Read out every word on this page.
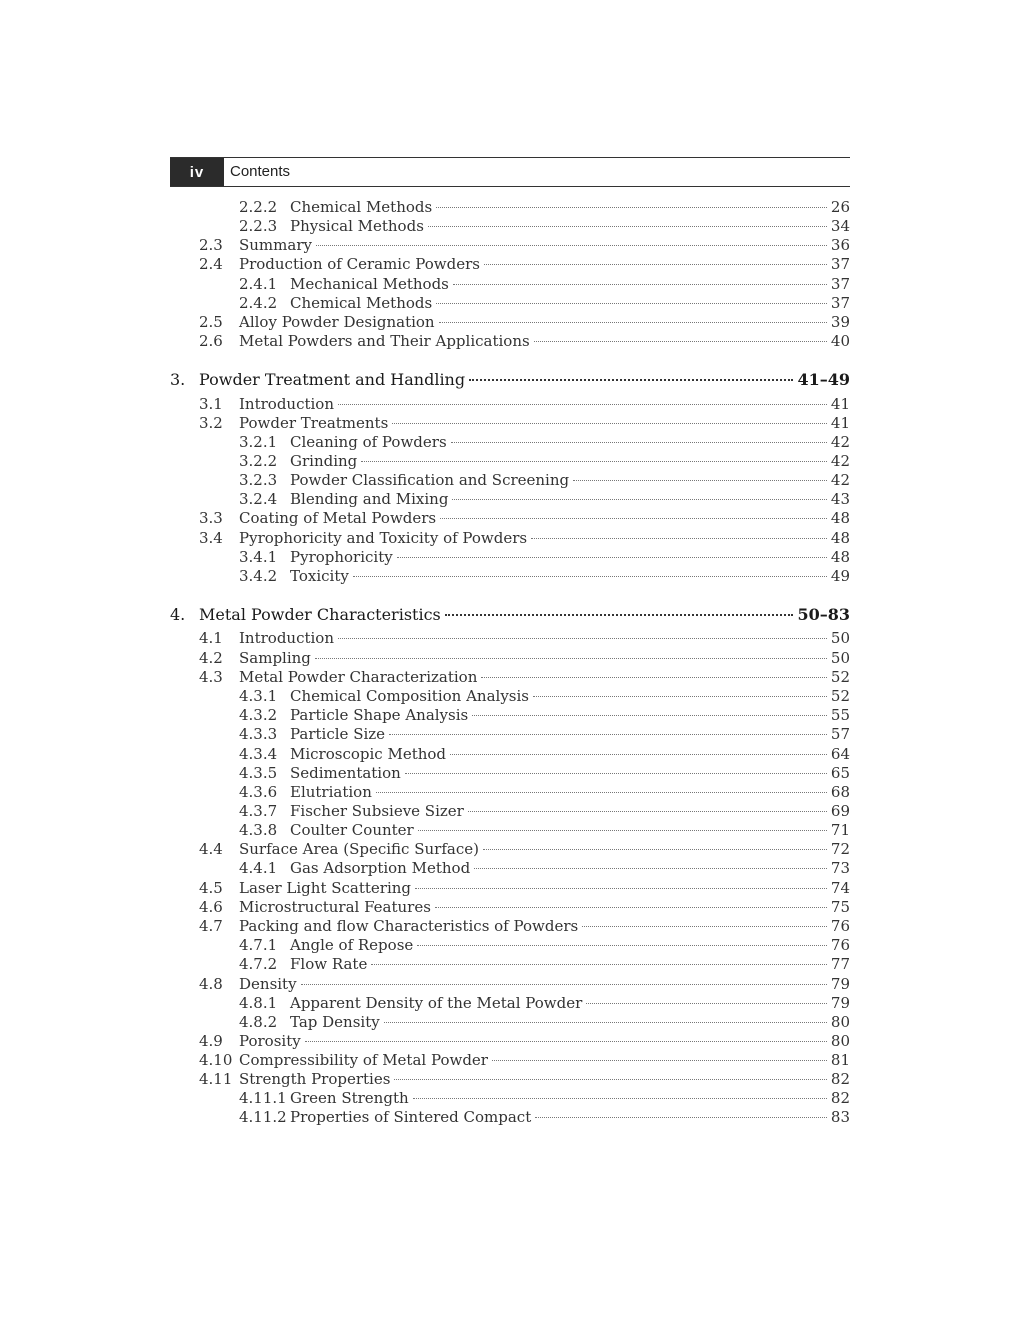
iv	Contents
2.2.2 Chemical Methods	26
2.2.3 Physical Methods	34
2.3 Summary	36
2.4 Production of Ceramic Powders	37
2.4.1 Mechanical Methods	37
2.4.2 Chemical Methods	37
2.5 Alloy Powder Designation	39
2.6 Metal Powders and Their Applications	40
3. Powder Treatment and Handling	41–49
3.1 Introduction	41
3.2 Powder Treatments	41
3.2.1 Cleaning of Powders	42
3.2.2 Grinding	42
3.2.3 Powder Classification and Screening	42
3.2.4 Blending and Mixing	43
3.3 Coating of Metal Powders	48
3.4 Pyrophoricity and Toxicity of Powders	48
3.4.1 Pyrophoricity	48
3.4.2 Toxicity	49
4. Metal Powder Characteristics	50–83
4.1 Introduction	50
4.2 Sampling	50
4.3 Metal Powder Characterization	52
4.3.1 Chemical Composition Analysis	52
4.3.2 Particle Shape Analysis	55
4.3.3 Particle Size	57
4.3.4 Microscopic Method	64
4.3.5 Sedimentation	65
4.3.6 Elutriation	68
4.3.7 Fischer Subsieve Sizer	69
4.3.8 Coulter Counter	71
4.4 Surface Area (Specific Surface)	72
4.4.1 Gas Adsorption Method	73
4.5 Laser Light Scattering	74
4.6 Microstructural Features	75
4.7 Packing and flow Characteristics of Powders	76
4.7.1 Angle of Repose	76
4.7.2 Flow Rate	77
4.8 Density	79
4.8.1 Apparent Density of the Metal Powder	79
4.8.2 Tap Density	80
4.9 Porosity	80
4.10 Compressibility of Metal Powder	81
4.11 Strength Properties	82
4.11.1 Green Strength	82
4.11.2 Properties of Sintered Compact	83
